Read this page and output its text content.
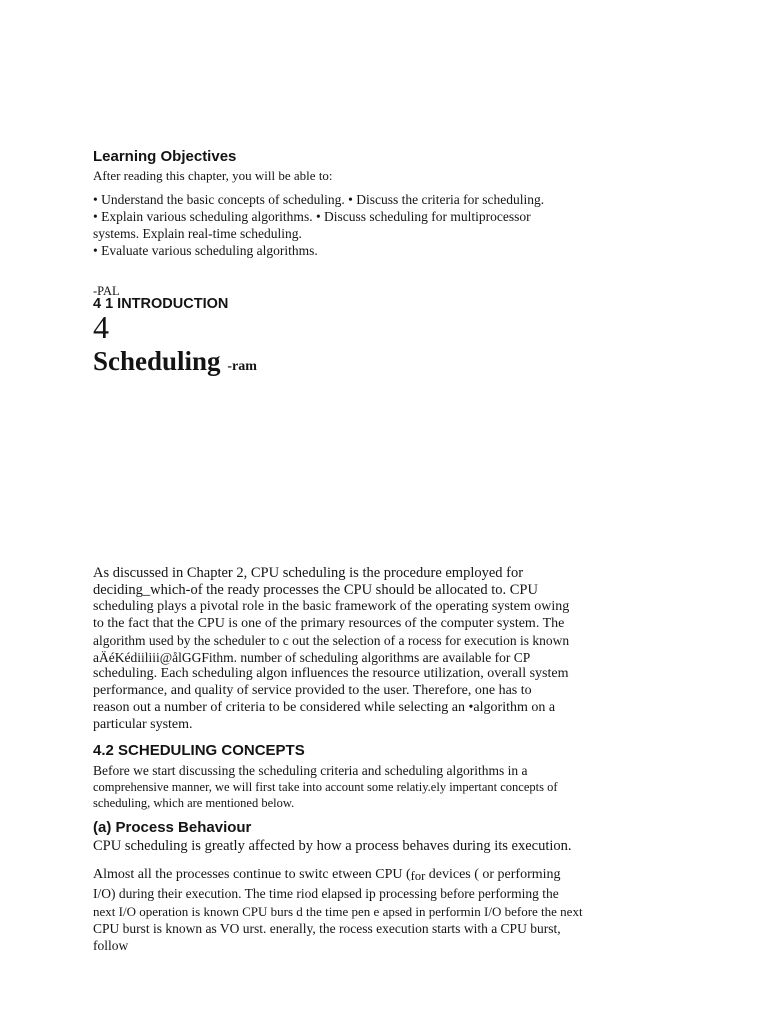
Learning Objectives

After reading this chapter, you will be able to:

• Understand the basic concepts of scheduling. • Discuss the criteria for scheduling.

• Explain various scheduling algorithms. • Discuss scheduling for multiprocessor

systems. Explain real-time scheduling.

• Evaluate various scheduling algorithms.

-PAL

4 1 INTRODUCTION
4
Scheduling -ram
As discussed in Chapter 2, CPU scheduling is the procedure employed for
deciding_which-of the ready processes the CPU should be allocated to. CPU
scheduling plays a pivotal role in the basic framework of the operating system owing
to the fact that the CPU is one of the primary resources of the computer system. The
algorithm used by the scheduler to c out the selection of a rocess for execution is known
aÄéKédiiliii@ålGGFithm. number of scheduling algorithms are available for CP
scheduling. Each scheduling algon influences the resource utilization, overall system
performance, and quality of service provided to the user. Therefore, one has to
reason out a number of criteria to be considered while selecting an •algorithm on a
particular system.
4.2 SCHEDULING CONCEPTS
Before we start discussing the scheduling criteria and scheduling algorithms in a
comprehensive manner, we will first take into account some relatiy.ely impertant concepts of
scheduling, which are mentioned below.
(a) Process Behaviour
CPU scheduling is greatly affected by how a process behaves during its execution.
Almost all the processes continue to switc etween CPU (for devices ( or performing
I/O) during their execution. The time riod elapsed ip processing before performing the
next I/O operation is known CPU burs d the time pen e apsed in performin I/O before the next
CPU burst is known as VO urst. enerally, the rocess execution starts with a CPU burst,
follow
